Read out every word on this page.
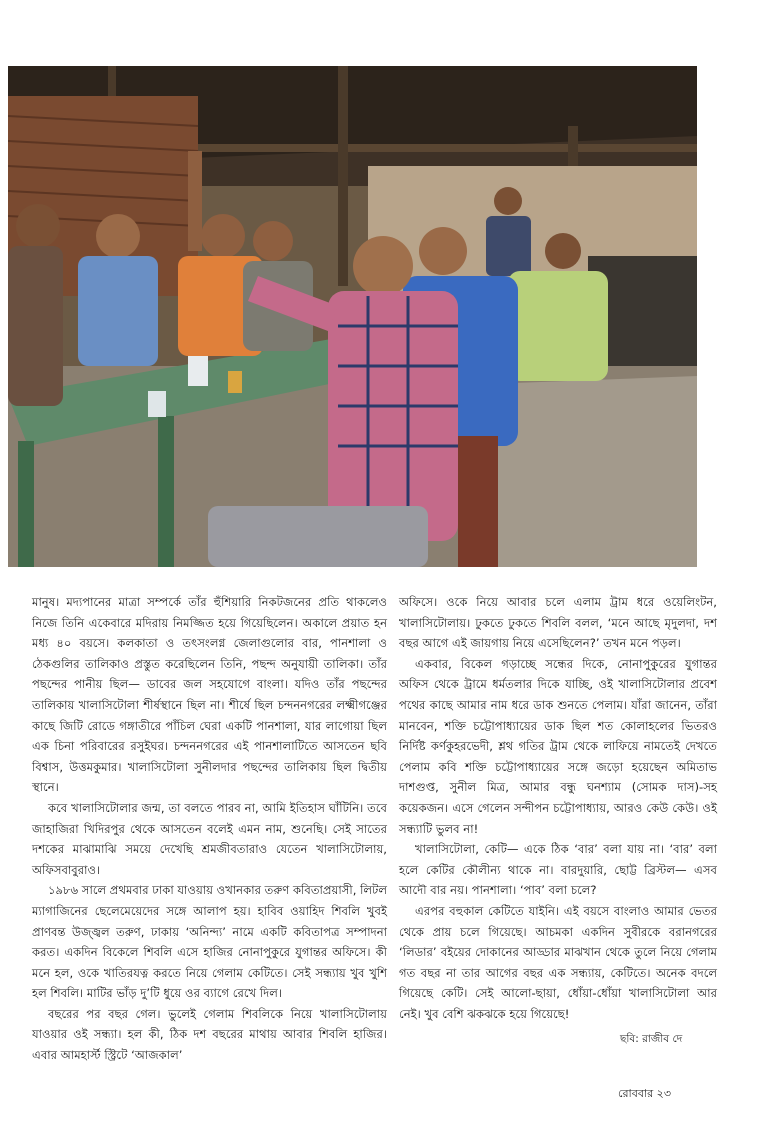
মানুষ। মদ্যপানের মাত্রা সম্পর্কে তাঁর হুঁশিয়ারি নিকটজনের প্রতি থাকলেও নিজে তিনি একেবারে মদিরায় নিমজ্জিত হয়ে গিয়েছিলেন। অকালে প্রয়াত হন মধ্য ৪০ বয়সে। কলকাতা ও তৎসংলগ্ন জেলাগুলোর বার, পানশালা ও ঠেকগুলির তালিকাও প্রস্তুত করেছিলেন তিনি, পছন্দ অনুযায়ী তালিকা। তাঁর পছন্দের পানীয় ছিল— ডাবের জল সহযোগে বাংলা। যদিও তাঁর পছন্দের তালিকায় খালাসিটোলা শীর্ষস্থানে ছিল না। শীর্ষে ছিল চন্দননগরের লক্ষ্মীগঞ্জের কাছে জিটি রোডে গঙ্গাতীরে পাঁচিল ঘেরা একটি পানশালা, যার লাগোয়া ছিল এক চিনা পরিবারের রসুইঘর। চন্দননগরের এই পানশালাটিতে আসতেন ছবি বিশ্বাস, উত্তমকুমার। খালাসিটোলা সুনীলদার পছন্দের তালিকায় ছিল দ্বিতীয় স্থানে।

কবে খালাসিটোলার জন্ম, তা বলতে পারব না, আমি ইতিহাস ঘাঁটিনি। তবে জাহাজিরা খিদিরপুর থেকে আসতেন বলেই এমন নাম, শুনেছি। সেই সাতের দশকের মাঝামাঝি সময়ে দেখেছি শ্রমজীবতারাও যেতেন খালাসিটোলায়, অফিসবাবুরাও।

১৯৮৬ সালে প্রথমবার ঢাকা যাওয়ায় ওখানকার তরুণ কবিতাপ্রয়াসী, লিটল ম্যাগাজিনের ছেলেমেয়েদের সঙ্গে আলাপ হয়। হাবিব ওয়াহিদ শিবলি খুবই প্রাণবন্ত উজ্জ্বল তরুণ, ঢাকায় ‘অনিন্দ্য’ নামে একটি কবিতাপত্র সম্পাদনা করত। একদিন বিকেলে শিবলি এসে হাজির নোনাপুকুরে যুগান্তর অফিসে। কী মনে হল, ওকে খাতিরযত্ন করতে নিয়ে গেলাম কেটিতে। সেই সন্ধ্যায় খুব খুশি হল শিবলি। মাটির ভাঁড় দু’টি ধুয়ে ওর ব্যাগে রেখে দিল।

বছরের পর বছর গেল। ভুলেই গেলাম শিবলিকে নিয়ে খালাসিটোলায় যাওয়ার ওই সন্ধ্যা। হল কী, ঠিক দশ বছরের মাথায় আবার শিবলি হাজির। এবার আমহার্স্ট স্ট্রিটে ‘আজকাল’

অফিসে। ওকে নিয়ে আবার চলে এলাম ট্রাম ধরে ওয়েলিংটন, খালাসিটোলায়। ঢুকতে ঢুকতে শিবলি বলল, ‘মনে আছে মৃদুলদা, দশ বছর আগে এই জায়গায় নিয়ে এসেছিলেন?’ তখন মনে পড়ল।

একবার, বিকেল গড়াচ্ছে সন্ধের দিকে, নোনাপুকুরের যুগান্তর অফিস থেকে ট্রামে ধর্মতলার দিকে যাচ্ছি, ওই খালাসিটোলার প্রবেশ পথের কাছে আমার নাম ধরে ডাক শুনতে পেলাম। যাঁরা জানেন, তাঁরা মানবেন, শক্তি চট্টোপাধ্যায়ের ডাক ছিল শত কোলাহলের ভিতরও নির্দিষ্ট কর্ণকুহরভেদী, শ্লথ গতির ট্রাম থেকে লাফিয়ে নামতেই দেখতে পেলাম কবি শক্তি চট্টোপাধ্যায়ের সঙ্গে জড়ো হয়েছেন অমিতাভ দাশগুপ্ত, সুনীল মিত্র, আমার বন্ধু ঘনশ্যাম (সোমক দাস)-সহ কয়েকজন। এসে গেলেন সন্দীপন চট্টোপাধ্যায়, আরও কেউ কেউ। ওই সন্ধ্যাটি ভুলব না!

খালাসিটোলা, কেটি— একে ঠিক ‘বার’ বলা যায় না। ‘বার’ বলা হলে কেটির কৌলীন্য থাকে না। বারদুয়ারি, ছোট্ট ব্রিস্টল— এসব আদৌ বার নয়। পানশালা। ‘পাব’ বলা চলে?

এরপর বহুকাল কেটিতে যাইনি। এই বয়সে বাংলাও আমার ভেতর থেকে প্রায় চলে গিয়েছে। আচমকা একদিন সুবীরকে বরানগরের ‘লিডার’ বইয়ের দোকানের আড্ডার মাঝখান থেকে তুলে নিয়ে গেলাম গত বছর না তার আগের বছর এক সন্ধ্যায়, কেটিতে। অনেক বদলে গিয়েছে কেটি। সেই আলো-ছায়া, ধোঁয়া-ধোঁয়া খালাসিটোলা আর নেই। খুব বেশি ঝকঝকে হয়ে গিয়েছে!

ছবি: রাজীব দে
রোববার ২৩
